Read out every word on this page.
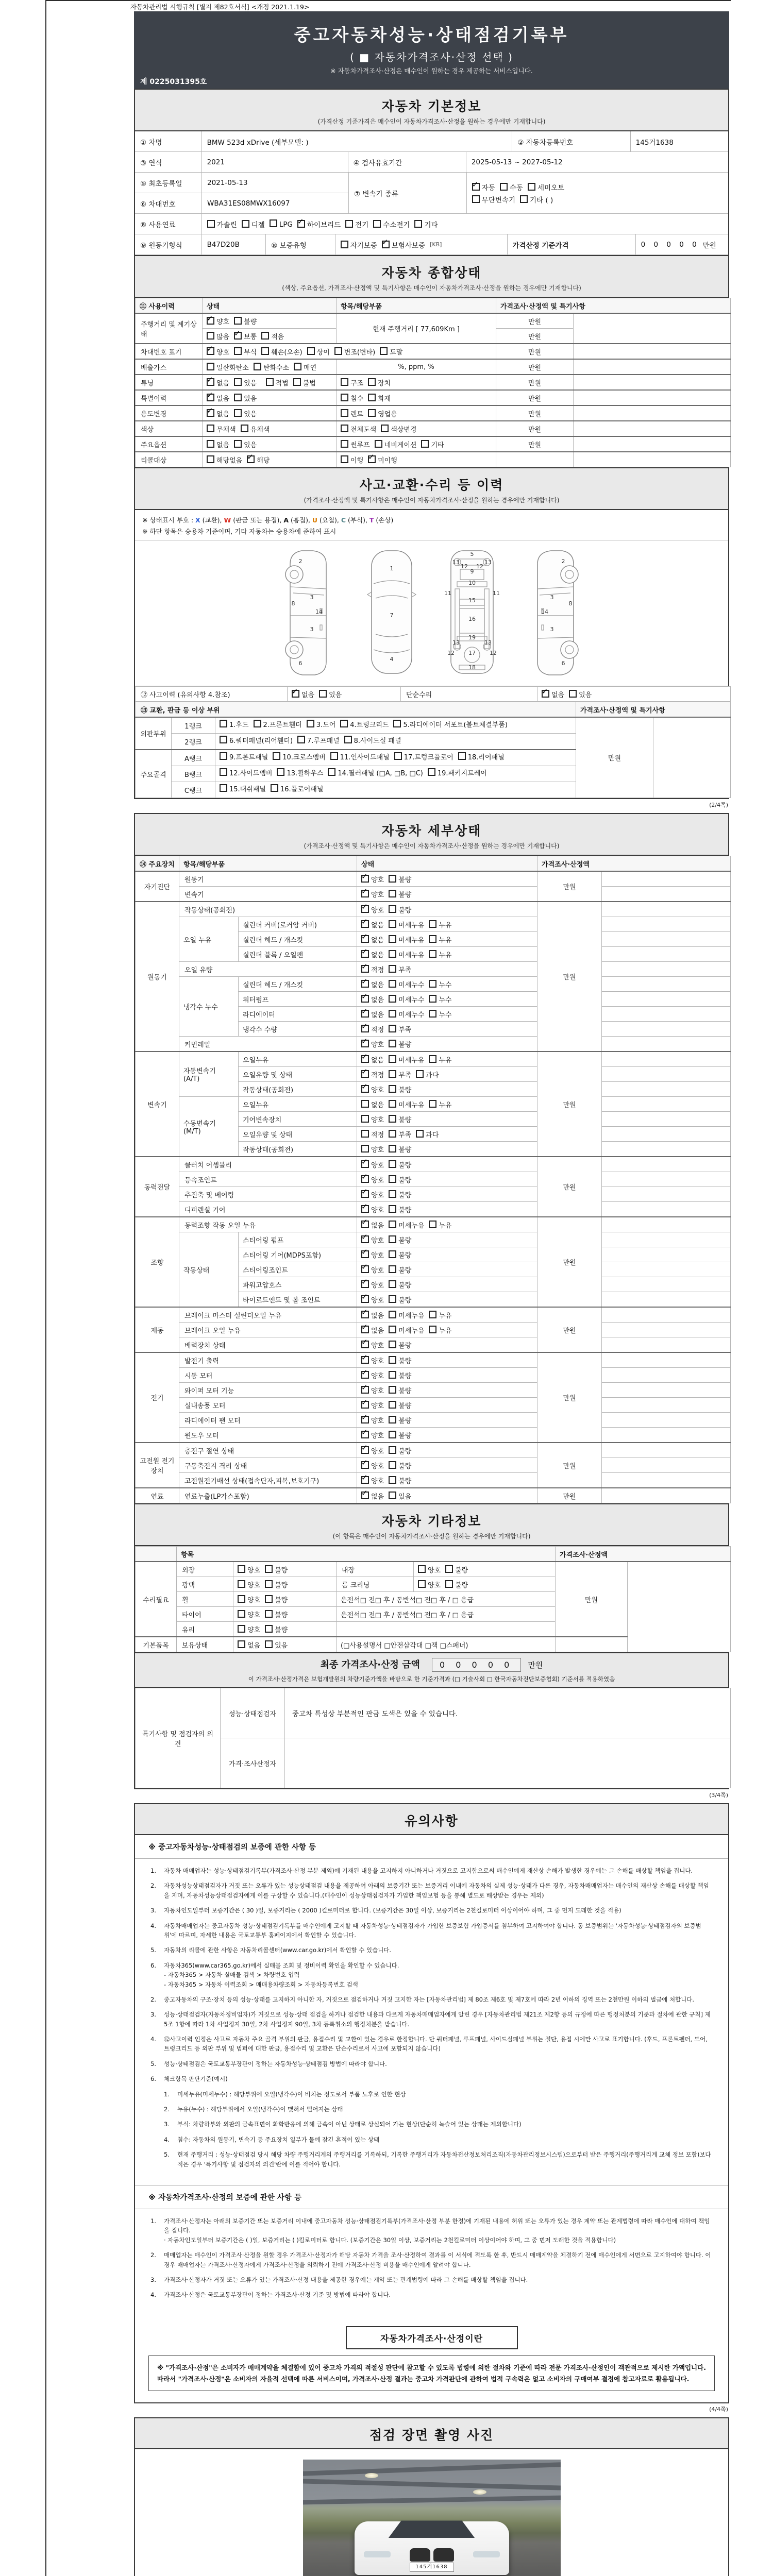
자동차관리법 시행규칙 [별지 제82호서식] <개정 2021.1.19>
중고자동차성능·상태점검기록부
( ■ 자동차가격조사·산정 선택 )
※ 자동차가격조사·산정은 매수인이 원하는 경우 제공하는 서비스입니다.
제 0225031395호
자동차 기본정보

(가격산정 기준가격은 매수인이 자동차가격조사·산정을 원하는 경우에만 기재합니다)

① 차명	BMW 523d xDrive (세부모델: )	② 자동차등록번호	145거1638
③ 연식	2021	④ 검사유효기간	2025-05-13 ~ 2027-05-12
⑤ 최초등록일	2021-05-13
⑥ 차대번호	WBA31ES08MWX16097
⑦ 변속기 종류
✓자동 수동 세미오토
무단변속기 기타 ( )
⑧ 사용연료	가솔린	디젤	LPG ✓	하이브리드	전기	수소전기	기타
⑨ 원동기형식	B47D20B	⑩ 보증유형	자기보증 ✓ 보험사보증 [KB]	가격산정 기준가격	0 0 0 0 0 만원
자동차 종합상태

(색상, 주요옵션, 가격조사·산정액 및 특기사항은 매수인이 자동차가격조사·산정을 원하는 경우에만 기재합니다)

⑪ 사용이력	상태	항목/해당부품	가격조사·산정액 및 특기사항	
주행거리 및 계기상태	✓양호 불량	현재 주행거리 [ 77,609Km ]	만원	
	많음 ✓ 보통 적음		만원	
차대번호 표기	✓양호 부식 훼손(오손) 상이 변조(변타) 도말		만원	
배출가스	일산화탄소 탄화수소 매연	%, ppm, %	만원	
튜닝	✓없음 있음 적법 불법	구조 장치	만원	
특별이력	✓없음 있음	침수 화재	만원	
용도변경	✓없음 있음	렌트 영업용	만원	
색상	무채색 유채색	전체도색 색상변경	만원	
주요옵션	없음 있음	썬루프 네비게이션 기타	만원	
리콜대상	해당없음 ✓ 해당	이행 ✓ 미이행		
사고·교환·수리 등 이력

(가격조사·산정액 및 특기사항은 매수인이 자동차가격조사·산정을 원하는 경우에만 기재합니다)

※ 상태표시 부호 : X (교환), W (판금 또는 용접), A (흠집), U (요철), C (부식), T (손상)
※ 하단 항목은 승용차 기준이며, 기타 자동차는 승용차에 준하여 표시
2
8
3
14
3
6
1
7
4
5
13
12 12
13
9
10
11	11
15
16
19
13	13
12 17 12
18
2
8
3
14
3
6
⑫ 사고이력 (유의사항 4.참조)	✓없음 있음	단순수리	✓없음 있음
⑬ 교환, 판금 등 이상 부위			가격조사·산정액 및 특기사항	
외판부위	1랭크	1.후드 2.프론트휀더 3.도어 4.트렁크리드 5.라디에이터 서포트(볼트체결부품)	만원	
	2랭크	6.쿼터패널(리어휀더) 7.루프패널 8.사이드실 패널		

주요골격	A랭크	9.프론트패널 10.크로스멤버 11.인사이드패널 17.트렁크플로어 18.리어패널		

	B랭크	12.사이드멤버 13.휠하우스 14.필러패널 (□A, □B, □C) 19.패키지트레이		

	C랭크	15.대쉬패널 16.플로어패널		
(2/4쪽)
자동차 세부상태

(가격조사·산정액 및 특기사항은 매수인이 자동차가격조사·산정을 원하는 경우에만 기재합니다)

⑭ 주요장치	항목/해당부품		상태	가격조사·산정액	
자기진단	원동기	✓양호 불량	만원	
	변속기	✓양호 불량	
원동기	작동상태(공회전)	✓양호 불량	만원	
	오일 누유	실린더 커버(로커암 커버)	✓없음 미세누유 누유	
		실린더 헤드 / 개스킷	✓없음 미세누유 누유	
		실린더 블록 / 오일팬	✓없음 미세누유 누유	
	오일 유량	✓적정 부족	
	냉각수 누수	실린더 헤드 / 개스킷	✓없음 미세누수 누수	
		워터펌프	✓없음 미세누수 누수	
		라디에이터	✓없음 미세누수 누수	
		냉각수 수량	✓적정 부족	
	커먼레일	✓양호 불량	
변속기	자동변속기 (A/T)	오일누유	✓없음 미세누유 누유	만원	
		오일유량 및 상태	✓적정 부족 과다	
		작동상태(공회전)	✓양호 불량	
	수동변속기 (M/T)	오일누유	없음 미세누유 누유		
		기어변속장치	양호 불량		
		오일유량 및 상태	적정 부족 과다		
		작동상태(공회전)	양호 불량		
동력전달	클러치 어셈블리	✓양호 불량	만원	
	등속조인트	✓양호 불량	
	추진축 및 베어링	✓양호 불량	
	디퍼렌셜 기어	✓양호 불량	
조향	동력조향 작동 오일 누유	✓없음 미세누유 누유	만원	
	작동상태	스티어링 펌프	✓양호 불량	
		스티어링 기어(MDPS포함)	✓양호 불량	
		스티어링조인트	✓양호 불량	
		파워고압호스	✓양호 불량	
		타이로드엔드 및 볼 조인트	✓양호 불량	
제동	브레이크 마스터 실린더오일 누유	✓없음 미세누유 누유	만원	
	브레이크 오일 누유	✓없음 미세누유 누유	
	배력장치 상태	✓양호 불량	
전기	발전기 출력	✓양호 불량	만원	
	시동 모터	✓양호 불량	
	와이퍼 모터 기능	✓양호 불량	
	실내송풍 모터	✓양호 불량	
	라디에이터 팬 모터	✓양호 불량	
	윈도우 모터	✓양호 불량	
고전원 전기장치	충전구 절연 상태	✓양호 불량	만원	
	구동축전지 격리 상태	✓양호 불량	
	고전원전기배선 상태(접속단자,피복,보호기구)	✓양호 불량	
연료	연료누출(LP가스포함)	✓없음 있음	만원	
자동차 기타정보

(이 항목은 매수인이 자동차가격조사·산정을 원하는 경우에만 기재합니다)

	항목				가격조사·산정액	
수리필요	외장	양호 불량	내장	양호 불량	만원	
	광택	양호 불량	룸 크리닝	양호 불량		
	휠	양호 불량	운전석□ 전□ 후 / 동반석□ 전□ 후 / □ 응급			
	타이어	양호 불량	운전석□ 전□ 후 / 동반석□ 전□ 후 / □ 응급			
	유리	양호 불량				
기본품목	보유상태	없음 있음	(□사용설명서 □안전삼각대 □잭 □스패너)			
최종 가격조사·산정 금액 0 0 0 0 0 만원
이 가격조사·산정가격은 보험개발원의 차량기준가액을 바탕으로 한 기준가격과 (□ 기술사회 □ 한국자동차진단보증협회) 기준서를 적용하였음
특기사항 및 점검자의 의견	성능·상태점검자	중고차 특성상 부분적인 판금 도색은 있을 수 있습니다.
	가격·조사산정자	
(3/4쪽)
유의사항
※ 중고자동차성능·상태점검의 보증에 관한 사항 등
1.	자동차 매매업자는 성능·상태점검기록부(가격조사·산정 부분 제외)에 기재된 내용을 고지하지 아니하거나 거짓으로 고지함으로써 매수인에게 재산상 손해가 발생한 경우에는 그 손해를 배상할 책임을 집니다.
2.	자동차성능상태점검자가 거짓 또는 오류가 있는 성능상태점검 내용을 제공하여 아래의 보증기간 또는 보증거리 이내에 자동차의 실제 성능·상태가 다른 경우, 자동차매매업자는 매수인의 재산상 손해를 배상할 책임을 지며, 자동차성능상태점검자에게 이를 구상할 수 있습니다.(매수인이 성능상태점검자가 가입한 책임보험 등을 통해 별도로 배상받는 경우는 제외)
3.	자동차인도일부터 보증기간은 ( 30 )일, 보증거리는 ( 2000 )킬로미터로 합니다. (보증기간은 30일 이상, 보증거리는 2천킬로미터 이상이어야 하며, 그 중 먼저 도래한 것을 적용)
4.	자동차매매업자는 중고자동차 성능·상태점검기록부를 매수인에게 고지할 때 자동차성능·상태점검자가 가입한 보증보험 가입증서를 첨부하여 고지하여야 합니다. 동 보증범위는 '자동차성능·상태점검자의 보증범위'에 따르며, 자세한 내용은 국토교통부 홈페이지에서 확인할 수 있습니다.
5.	자동차의 리콜에 관한 사항은 자동차리콜센터(www.car.go.kr)에서 확인할 수 있습니다.
6.	자동차365(www.car365.go.kr)에서 실매물 조회 및 정비이력 확인을 확인할 수 있습니다.
- 자동차365 > 자동차 실매물 검색 > 차량번호 입력
- 자동차365 > 자동차 이력조회 > 매매용차량조회 > 자동차등록번호 검색
2.	중고자동차의 구조·장치 등의 성능·상태를 고지하지 아니한 자, 거짓으로 점검하거나 거짓 고지한 자는 [자동차관리법] 제 80조 제6호 및 제7호에 따라 2년 이하의 징역 또는 2천만원 이하의 벌금에 처합니다.
3.	성능·상태점검자(자동차정비업자)가 거짓으로 성능·상태 점검을 하거나 점검한 내용과 다르게 자동차매매업자에게 알린 경우 [자동차관리법 제21조 제2항 등의 규정에 따른 행정처분의 기준과 절차에 관한 규칙] 제5조 1항에 따라 1차 사업정지 30일, 2차 사업정지 90일, 3차 등록취소의 행정처분을 받습니다.
4.	⑫사고이력 인정은 사고로 자동차 주요 골격 부위의 판금, 용접수리 및 교환이 있는 경우로 한정합니다. 단 쿼터패널, 루프패널, 사이드실패널 부위는 절단, 용접 시에만 사고로 표기합니다. (후드, 프론트펜더, 도어, 트렁크리드 등 외판 부위 및 범퍼에 대한 판금, 용접수리 및 교환은 단순수리로서 사고에 포함되지 않습니다)
5.	성능·상태점검은 국토교통부장관이 정하는 자동차성능·상태점검 방법에 따라야 합니다.
6.	체크항목 판단기준(예시)
1.	미세누유(미세누수) : 해당부위에 오일(냉각수)이 비치는 정도로서 부품 노후로 인한 현상
2.	누유(누수) : 해당부위에서 오일(냉각수)이 맺혀서 떨어지는 상태
3.	부식: 차량하부와 외판의 금속표면이 화학반응에 의해 금속이 아닌 상태로 상실되어 가는 현상(단순히 녹슬어 있는 상태는 제외합니다)
4.	침수: 자동차의 원동기, 변속기 등 주요장치 일부가 물에 잠긴 흔적이 있는 상태
5.	현재 주행거리 : 성능·상태점검 당시 해당 차량 주행거리계의 주행거리를 기록하되, 기록한 주행거리가 자동차전산정보처리조직(자동차관리정보시스템)으로부터 받은 주행거리(주행거리계 교체 정보 포함)보다 적은 경우 '특기사항 및 점검자의 의견'란에 이를 적어야 합니다.
※ 자동차가격조사·산정의 보증에 관한 사항 등
1.	가격조사·산정자는 아래의 보증기간 또는 보증거리 이내에 중고자동차 성능·상태점검기록부(가격조사·산정 부분 한정)에 기재된 내용에 허위 또는 오류가 있는 경우 계약 또는 관계법령에 따라 매수인에 대하여 책임을 집니다.
· 자동차인도일부터 보증기간은 ( )일, 보증거리는 ( )킬로미터로 합니다. (보증기간은 30일 이상, 보증거리는 2천킬로미터 이상이어야 하며, 그 중 먼저 도래한 것을 적용합니다)
2.	매매업자는 매수인이 가격조사·산정을 원할 경우 가격조사·산정자가 해당 자동차 가격을 조사·산정하여 결과를 이 서식에 적도록 한 후, 반드시 매매계약을 체결하기 전에 매수인에게 서면으로 고지하여야 합니다. 이 경우 매매업자는 가격조사·산정자에게 가격조사·산정을 의뢰하기 전에 가격조사·산정 비용을 매수인에게 알려야 합니다.
3.	가격조사·산정자가 거짓 또는 오류가 있는 가격조사·산정 내용을 제공한 경우에는 계약 또는 관계법령에 따라 그 손해를 배상할 책임을 집니다.
4.	가격조사·산정은 국토교통부장관이 정하는 가격조사·산정 기준 및 방법에 따라야 합니다.
자동차가격조사·산정이란
※ "가격조사·산정"은 소비자가 매매계약을 체결함에 있어 중고차 가격의 적절성 판단에 참고할 수 있도록 법령에 의한 절차와 기준에 따라 전문 가격조사·산정인이 객관적으로 제시한 가액입니다. 따라서 "가격조사·산정"은 소비자의 자율적 선택에 따른 서비스이며, 가격조사·산정 결과는 중고차 가격판단에 관하여 법적 구속력은 없고 소비자의 구매여부 결정에 참고자료로 활용됩니다.
(4/4쪽)
점검 장면 촬영 사진
145거1638
